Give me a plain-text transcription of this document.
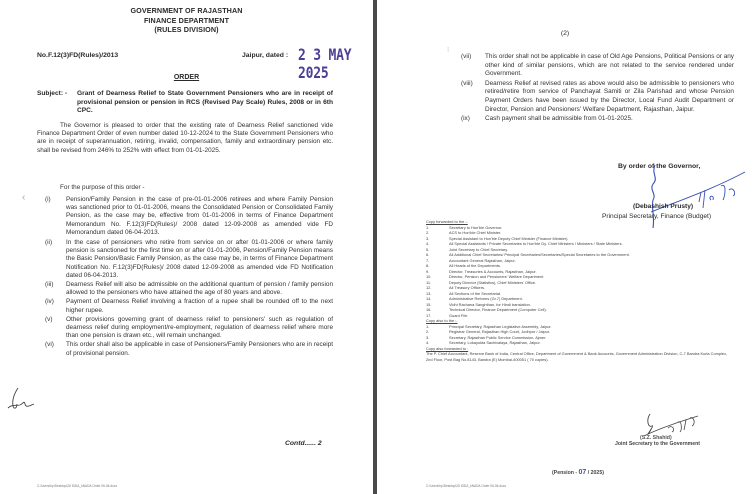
GOVERNMENT OF RAJASTHAN
FINANCE DEPARTMENT
(RULES DIVISION)
No.F.12(3)FD(Rules)/2013	Jaipur, dated : 2 3 MAY 2025
ORDER
Subject: - Grant of Dearness Relief to State Government Pensioners who are in receipt of provisional pension or pension in RCS (Revised Pay Scale) Rules, 2008 or in 6th CPC.
The Governor is pleased to order that the existing rate of Dearness Relief sanctioned vide Finance Department Order of even number dated 10-12-2024 to the State Government Pensioners who are in receipt of superannuation, retiring, invalid, compensation, family and extraordinary pension etc. shall be revised from 246% to 252% with effect from 01-01-2025.
‹
For the purpose of this order -
(i)	Pension/Family Pension in the case of pre-01-01-2006 retirees and where Family Pension was sanctioned prior to 01-01-2006, means the Consolidated Pension or Consolidated Family Pension, as the case may be, effective from 01-01-2006 in terms of Finance Department Memorandum No. F.12(3)FD(Rules)/ 2008 dated 12-09-2008 as amended vide FD Memorandum dated 06-04-2013.
(ii)	In the case of pensioners who retire from service on or after 01-01-2006 or where family pension is sanctioned for the first time on or after 01-01-2006, Pension/Family Pension means the Basic Pension/Basic Family Pension, as the case may be, in terms of Finance Department Notification No. F.12(3)FD(Rules)/ 2008 dated 12-09-2008 as amended vide FD Notification dated 06-04-2013.
(iii)	Dearness Relief will also be admissible on the additional quantum of pension / family pension allowed to the pensioners who have attained the age of 80 years and above.
(iv)	Payment of Dearness Relief involving a fraction of a rupee shall be rounded off to the next higher rupee.
(v)	Other provisions governing grant of dearness relief to pensioners' such as regulation of dearness relief during employment/re-employment, regulation of dearness relief where more than one pension is drawn etc., will remain unchanged.
(vi)	This order shall also be applicable in case of Pensioners/Family Pensioners who are in receipt of provisional pension.
Contd...... 2
C:\Users\hp\Desktop\26 IDDA_kNADA Order 06-06.docx
(2)
⁝
(vii)	This order shall not be applicable in case of Old Age Pensions, Political Pensions or any other kind of similar pensions, which are not related to the service rendered under Government.
(viii)	Dearness Relief at revised rates as above would also be admissible to pensioners who retired/retire from service of Panchayat Samiti or Zila Parishad and whose Pension Payment Orders have been issued by the Director, Local Fund Audit Department or Director, Pension and Pensioners' Welfare Department, Rajasthan, Jaipur.
(ix)	Cash payment shall be admissible from 01-01-2025.
By order of the Governor,
(Debashish Prusty)
Principal Secretary, Finance (Budget)
Copy forwarded to the :-
1.	Secretary to Hon'ble Governor.
2.	ACS to Hon'ble Chief Minister.
3.	Special Assistant to Hon'ble Deputy Chief Minister (Finance Minister).
4.	All Special Assistants / Private Secretaries to Hon'ble Dy. Chief Ministers / Ministers / State Ministers.
5.	Joint Secretary to Chief Secretary.
6.	All Additional Chief Secretaries/ Principal Secretaries/Secretaries/Special Secretaries to the Government.
7.	Accountant General Rajasthan, Jaipur.
8.	All Heads of the Departments.
9.	Director, Treasuries & Accounts, Rajasthan, Jaipur.
10.	Director, Pension and Pensioners' Welfare Department
11.	Deputy Director (Statistics), Chief Ministers' Office.
12.	All Treasury Officers.
13.	All Sections of the Secretariat.
14.	Administrative Reforms (Gr.7) Department.
15.	Vidhi Rachana Sanghthan, for Hindi translation.
16.	Technical Director, Finance Department (Computer Cell).
17.	Guard File.
Copy also to the :-
1.	Principal Secretary, Rajasthan Legislative Assembly, Jaipur.
2.	Registrar General, Rajasthan High Court, Jodhpur / Jaipur.
3.	Secretary, Rajasthan Public Service Commission, Ajmer.
4.	Secretary, Lokayukta Sachivalaya, Rajasthan, Jaipur.
Copy also forwarded to :
The P. Chief Accountant, Reserve Bank of India, Central Office, Department of Government & Bank Accounts, Government Administration Division, C-7 Bandra Kurla Complex, 2nd Floor, Post Bag No.8143, Bandra (E) Mumbai-400051 ( 70 copies).
(S.Z. Shahid)
Joint Secretary to the Government
(Pension - 07 / 2025)
C:\Users\hp\Desktop\26 IDDA_kNADA Order 06-06.docx
